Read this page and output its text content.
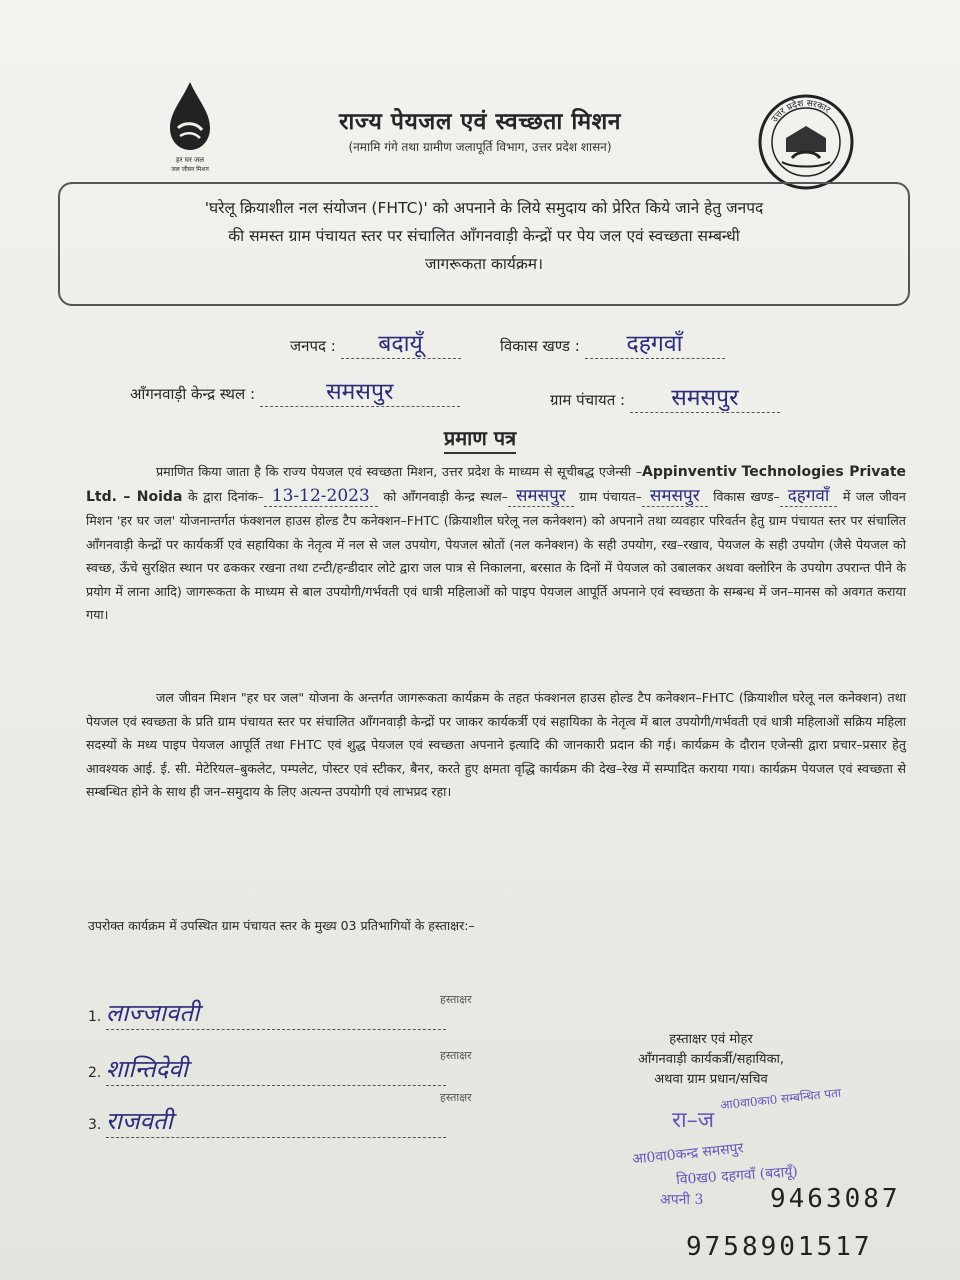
हर घर जल
जल जीवन मिशन
उत्तर प्रदेश सरकार
राज्य पेयजल एवं स्वच्छता मिशन
(नमामि गंगे तथा ग्रामीण जलापूर्ति विभाग, उत्तर प्रदेश शासन)
'घरेलू क्रियाशील नल संयोजन (FHTC)' को अपनाने के लिये समुदाय को प्रेरित किये जाने हेतु जनपद
की समस्त ग्राम पंचायत स्तर पर संचालित आँगनवाड़ी केन्द्रों पर पेय जल एवं स्वच्छता सम्बन्धी
जागरूकता कार्यक्रम।
जनपद : बदायूँ	विकास खण्ड : दहगवाँ
आँगनवाड़ी केन्द्र स्थल :	समसपुर	ग्राम पंचायत : समसपुर
प्रमाण पत्र
प्रमाणित किया जाता है कि राज्य पेयजल एवं स्वच्छता मिशन, उत्तर प्रदेश के माध्यम से सूचीबद्ध एजेन्सी –Appinventiv Technologies Private Ltd. – Noida के द्वारा दिनांक– 13-12-2023 को आँगनवाड़ी केन्द्र स्थल– समसपुर ग्राम पंचायत– समसपुर विकास खण्ड– दहगवाँ में जल जीवन मिशन 'हर घर जल' योजनान्तर्गत फंक्शनल हाउस होल्ड टैप कनेक्शन–FHTC (क्रियाशील घरेलू नल कनेक्शन) को अपनाने तथा व्यवहार परिवर्तन हेतु ग्राम पंचायत स्तर पर संचालित आँगनवाड़ी केन्द्रों पर कार्यकर्त्री एवं सहायिका के नेतृत्व में नल से जल उपयोग, पेयजल स्रोतों (नल कनेक्शन) के सही उपयोग, रख–रखाव, पेयजल के सही उपयोग (जैसे पेयजल को स्वच्छ, ऊँचे सुरक्षित स्थान पर ढककर रखना तथा टन्टी/हन्डीदार लोटे द्वारा जल पात्र से निकालना, बरसात के दिनों में पेयजल को उबालकर अथवा क्लोरिन के उपयोग उपरान्त पीने के प्रयोग में लाना आदि) जागरूकता के माध्यम से बाल उपयोगी/गर्भवती एवं धात्री महिलाओं को पाइप पेयजल आपूर्ति अपनाने एवं स्वच्छता के सम्बन्ध में जन–मानस को अवगत कराया गया।
जल जीवन मिशन "हर घर जल" योजना के अन्तर्गत जागरूकता कार्यक्रम के तहत फंक्शनल हाउस होल्ड टैप कनेक्शन–FHTC (क्रियाशील घरेलू नल कनेक्शन) तथा पेयजल एवं स्वच्छता के प्रति ग्राम पंचायत स्तर पर संचालित आँगनवाड़ी केन्द्रों पर जाकर कार्यकर्त्री एवं सहायिका के नेतृत्व में बाल उपयोगी/गर्भवती एवं धात्री महिलाओं सक्रिय महिला सदस्यों के मध्य पाइप पेयजल आपूर्ति तथा FHTC एवं शुद्ध पेयजल एवं स्वच्छता अपनाने इत्यादि की जानकारी प्रदान की गई। कार्यक्रम के दौरान एजेन्सी द्वारा प्रचार–प्रसार हेतु आवश्यक आई. ई. सी. मेटेरियल–बुकलेट, पम्पलेट, पोस्टर एवं स्टीकर, बैनर, करते हुए क्षमता वृद्धि कार्यक्रम की देख–रेख में सम्पादित कराया गया। कार्यक्रम पेयजल एवं स्वच्छता से सम्बन्धित होने के साथ ही जन–समुदाय के लिए अत्यन्त उपयोगी एवं लाभप्रद रहा।
उपरोक्त कार्यक्रम में उपस्थित ग्राम पंचायत स्तर के मुख्य 03 प्रतिभागियों के हस्ताक्षर:–
1. लाज्जावती	हस्ताक्षर
2. शान्तिदेवी	हस्ताक्षर
3. राजवती
हस्ताक्षर
हस्ताक्षर एवं मोहर
आँगनवाड़ी कार्यकर्त्री/सहायिका,
अथवा ग्राम प्रधान/सचिव
रा–ज
आ0वा0का0 सम्बन्धित पता
आ0वा0कन्द्र समसपुर
वि0ख0 दहगवाँ (बदायूँ)
अपनी 3	9463087
9758901517
